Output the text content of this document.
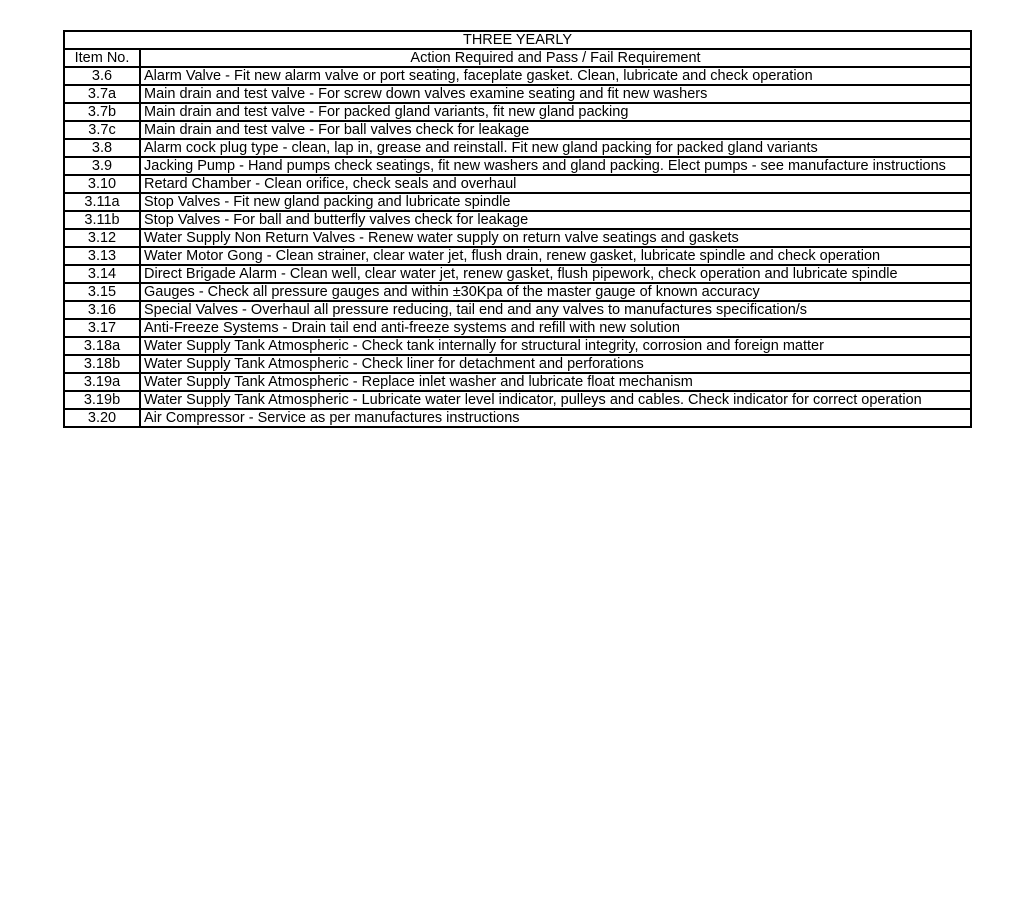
THREE YEARLY	
Item No.	Action Required and Pass / Fail Requirement
3.6	Alarm Valve - Fit new alarm valve or port seating, faceplate gasket. Clean, lubricate and check operation
3.7a	Main drain and test valve - For screw down valves examine seating and fit new washers
3.7b	Main drain and test valve - For packed gland variants, fit new gland packing
3.7c	Main drain and test valve - For ball valves check for leakage
3.8	Alarm cock plug type - clean, lap in, grease and reinstall. Fit new gland packing for packed gland variants
3.9	Jacking Pump - Hand pumps check seatings, fit new washers and gland packing. Elect pumps - see manufacture instructions
3.10	Retard Chamber - Clean orifice, check seals and overhaul
3.11a	Stop Valves - Fit new gland packing and lubricate spindle
3.11b	Stop Valves - For ball and butterfly valves check for leakage
3.12	Water Supply Non Return Valves - Renew water supply on return valve seatings and gaskets
3.13	Water Motor Gong - Clean strainer, clear water jet, flush drain, renew gasket, lubricate spindle and check operation
3.14	Direct Brigade Alarm - Clean well, clear water jet, renew gasket, flush pipework, check operation and lubricate spindle
3.15	Gauges - Check all pressure gauges and within ±30Kpa of the master gauge of known accuracy
3.16	Special Valves - Overhaul all pressure reducing, tail end and any valves to manufactures specification/s
3.17	Anti-Freeze Systems - Drain tail end anti-freeze systems and refill with new solution
3.18a	Water Supply Tank Atmospheric - Check tank internally for structural integrity, corrosion and foreign matter
3.18b	Water Supply Tank Atmospheric - Check liner for detachment and perforations
3.19a	Water Supply Tank Atmospheric - Replace inlet washer and lubricate float mechanism
3.19b	Water Supply Tank Atmospheric - Lubricate water level indicator, pulleys and cables. Check indicator for correct operation
3.20	Air Compressor - Service as per manufactures instructions
